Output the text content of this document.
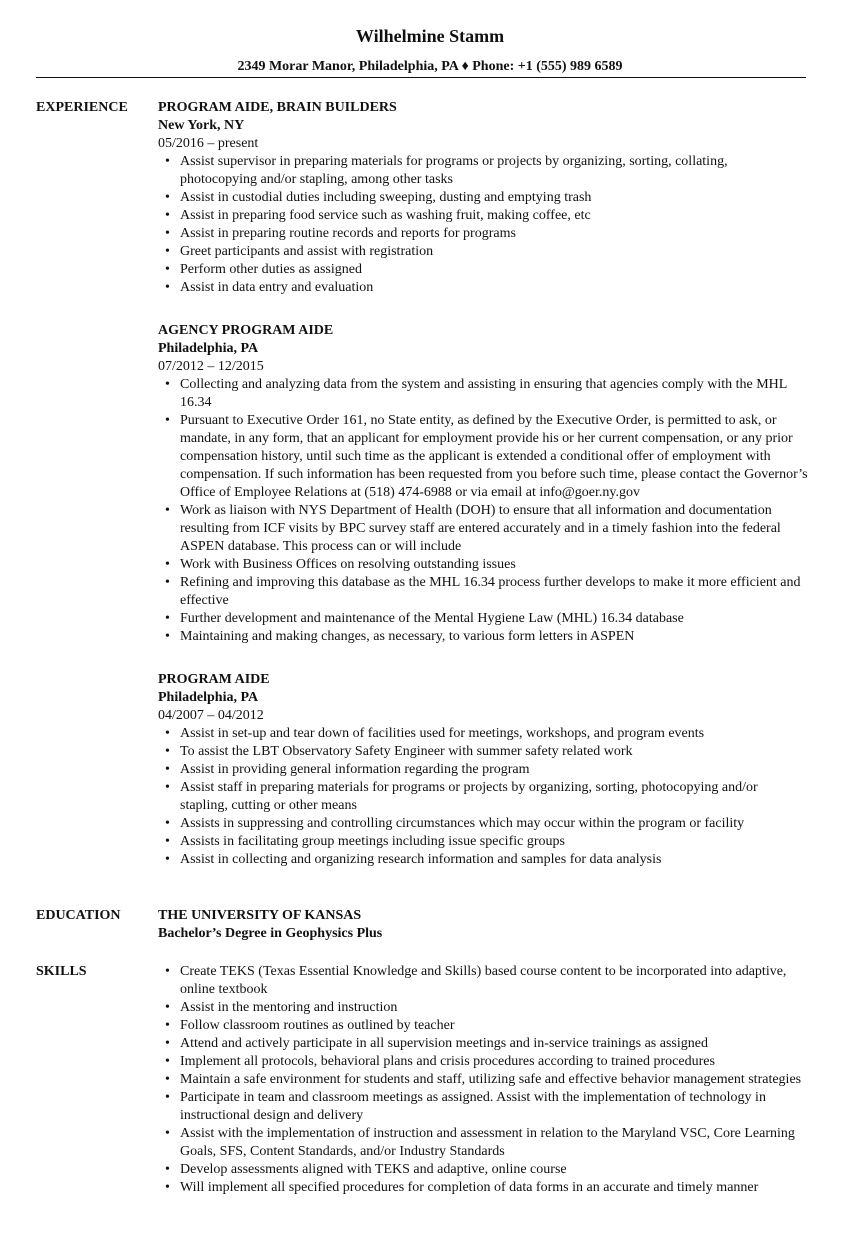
Wilhelmine Stamm
2349 Morar Manor, Philadelphia, PA ♦ Phone: +1 (555) 989 6589
EXPERIENCE PROGRAM AIDE, BRAIN BUILDERS
New York, NY
05/2016 – present
• Assist supervisor in preparing materials for programs or projects by organizing, sorting, collating, photocopying and/or stapling, among other tasks
• Assist in custodial duties including sweeping, dusting and emptying trash
• Assist in preparing food service such as washing fruit, making coffee, etc
• Assist in preparing routine records and reports for programs
• Greet participants and assist with registration
• Perform other duties as assigned
• Assist in data entry and evaluation
AGENCY PROGRAM AIDE
Philadelphia, PA
07/2012 – 12/2015
• Collecting and analyzing data from the system and assisting in ensuring that agencies comply with the MHL 16.34
• Pursuant to Executive Order 161, no State entity, as defined by the Executive Order, is permitted to ask, or mandate, in any form, that an applicant for employment provide his or her current compensation, or any prior compensation history, until such time as the applicant is extended a conditional offer of employment with compensation. If such information has been requested from you before such time, please contact the Governor’s Office of Employee Relations at (518) 474-6988 or via email at info@goer.ny.gov
• Work as liaison with NYS Department of Health (DOH) to ensure that all information and documentation resulting from ICF visits by BPC survey staff are entered accurately and in a timely fashion into the federal ASPEN database. This process can or will include
• Work with Business Offices on resolving outstanding issues
• Refining and improving this database as the MHL 16.34 process further develops to make it more efficient and effective
• Further development and maintenance of the Mental Hygiene Law (MHL) 16.34 database
• Maintaining and making changes, as necessary, to various form letters in ASPEN
PROGRAM AIDE
Philadelphia, PA
04/2007 – 04/2012
• Assist in set-up and tear down of facilities used for meetings, workshops, and program events
• To assist the LBT Observatory Safety Engineer with summer safety related work
• Assist in providing general information regarding the program
• Assist staff in preparing materials for programs or projects by organizing, sorting, photocopying and/or stapling, cutting or other means
• Assists in suppressing and controlling circumstances which may occur within the program or facility
• Assists in facilitating group meetings including issue specific groups
• Assist in collecting and organizing research information and samples for data analysis
EDUCATION	THE UNIVERSITY OF KANSAS
Bachelor’s Degree in Geophysics Plus
SKILLS
•	Create TEKS (Texas Essential Knowledge and Skills) based course content to be incorporated into adaptive, online textbook
• Assist in the mentoring and instruction
• Follow classroom routines as outlined by teacher
• Attend and actively participate in all supervision meetings and in-service trainings as assigned
• Implement all protocols, behavioral plans and crisis procedures according to trained procedures
• Maintain a safe environment for students and staff, utilizing safe and effective behavior management strategies
• Participate in team and classroom meetings as assigned. Assist with the implementation of technology in instructional design and delivery
• Assist with the implementation of instruction and assessment in relation to the Maryland VSC, Core Learning Goals, SFS, Content Standards, and/or Industry Standards
• Develop assessments aligned with TEKS and adaptive, online course
• Will implement all specified procedures for completion of data forms in an accurate and timely manner
